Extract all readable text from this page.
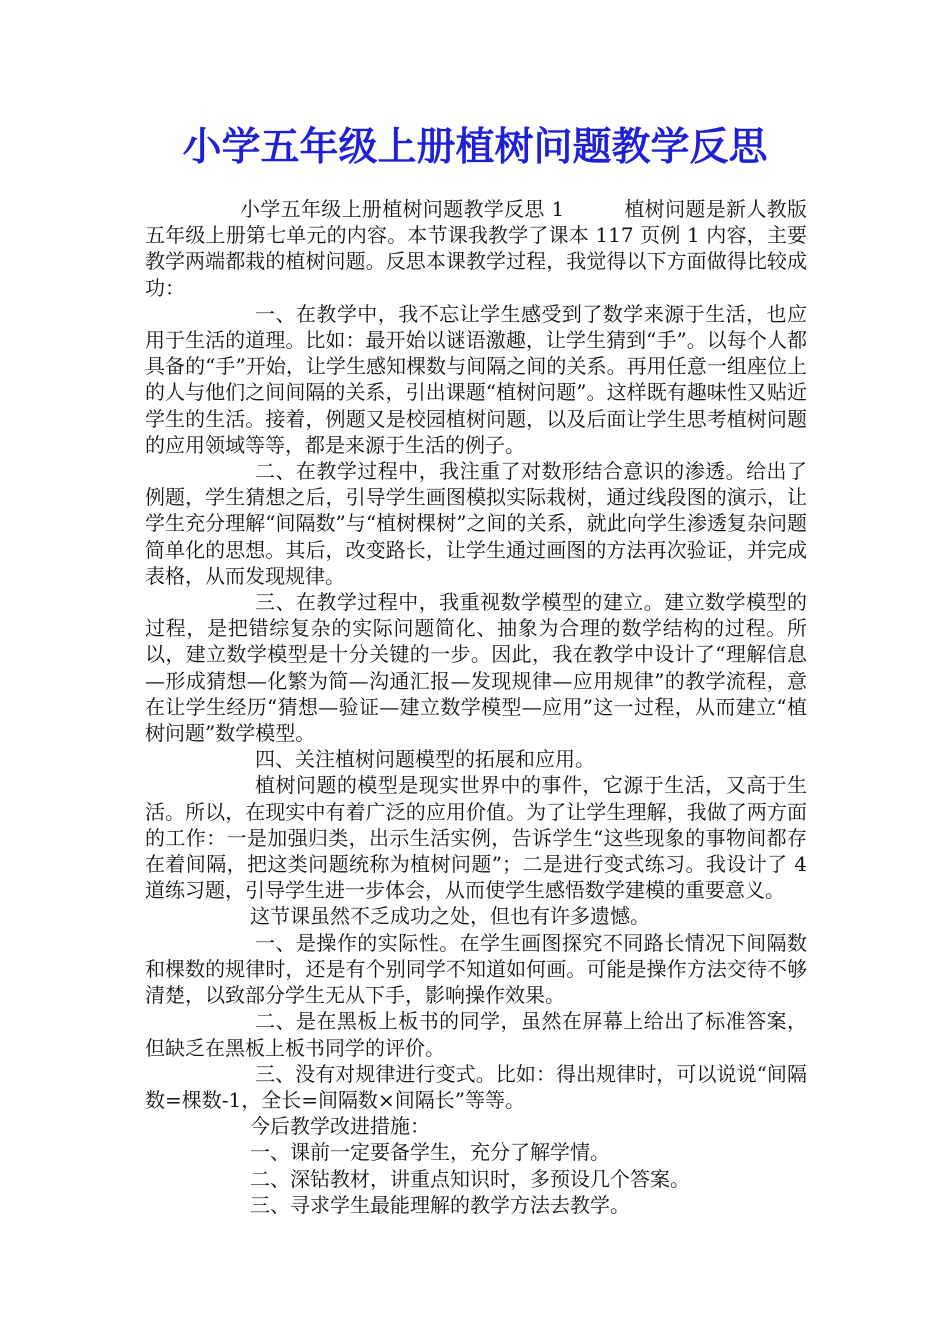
小学五年级上册植树问题教学反思

小学五年级上册植树问题教学反思 1	植树问题是新人教版五年级上册第七单元的内容。本节课我教学了课本 117 页例 1 内容，主要教学两端都栽的植树问题。反思本课教学过程，我觉得以下方面做得比较成功：

一、在教学中，我不忘让学生感受到了数学来源于生活，也应用于生活的道理。比如：最开始以谜语激趣，让学生猜到“手”。以每个人都具备的“手”开始，让学生感知棵数与间隔之间的关系。再用任意一组座位上的人与他们之间间隔的关系，引出课题“植树问题”。这样既有趣味性又贴近学生的生活。接着，例题又是校园植树问题，以及后面让学生思考植树问题的应用领域等等，都是来源于生活的例子。

二、在教学过程中，我注重了对数形结合意识的渗透。给出了例题，学生猜想之后，引导学生画图模拟实际栽树，通过线段图的演示，让学生充分理解“间隔数”与“植树棵树”之间的关系，就此向学生渗透复杂问题简单化的思想。其后，改变路长，让学生通过画图的方法再次验证，并完成表格，从而发现规律。

三、在教学过程中，我重视数学模型的建立。建立数学模型的过程，是把错综复杂的实际问题简化、抽象为合理的数学结构的过程。所以，建立数学模型是十分关键的一步。因此，我在教学中设计了“理解信息—形成猜想—化繁为简—沟通汇报—发现规律—应用规律”的教学流程，意在让学生经历“猜想—验证—建立数学模型—应用”这一过程，从而建立“植树问题”数学模型。

四、关注植树问题模型的拓展和应用。

植树问题的模型是现实世界中的事件，它源于生活，又高于生活。所以，在现实中有着广泛的应用价值。为了让学生理解，我做了两方面的工作：一是加强归类，出示生活实例，告诉学生“这些现象的事物间都存在着间隔，把这类问题统称为植树问题”；二是进行变式练习。我设计了 4 道练习题，引导学生进一步体会，从而使学生感悟数学建模的重要意义。

这节课虽然不乏成功之处，但也有许多遗憾。

一、是操作的实际性。在学生画图探究不同路长情况下间隔数和棵数的规律时，还是有个别同学不知道如何画。可能是操作方法交待不够清楚，以致部分学生无从下手，影响操作效果。

二、是在黑板上板书的同学，虽然在屏幕上给出了标准答案，但缺乏在黑板上板书同学的评价。

三、没有对规律进行变式。比如：得出规律时，可以说说“间隔数=棵数-1，全长=间隔数×间隔长”等等。

今后教学改进措施：

一、课前一定要备学生，充分了解学情。

二、深钻教材，讲重点知识时，多预设几个答案。

三、寻求学生最能理解的教学方法去教学。
